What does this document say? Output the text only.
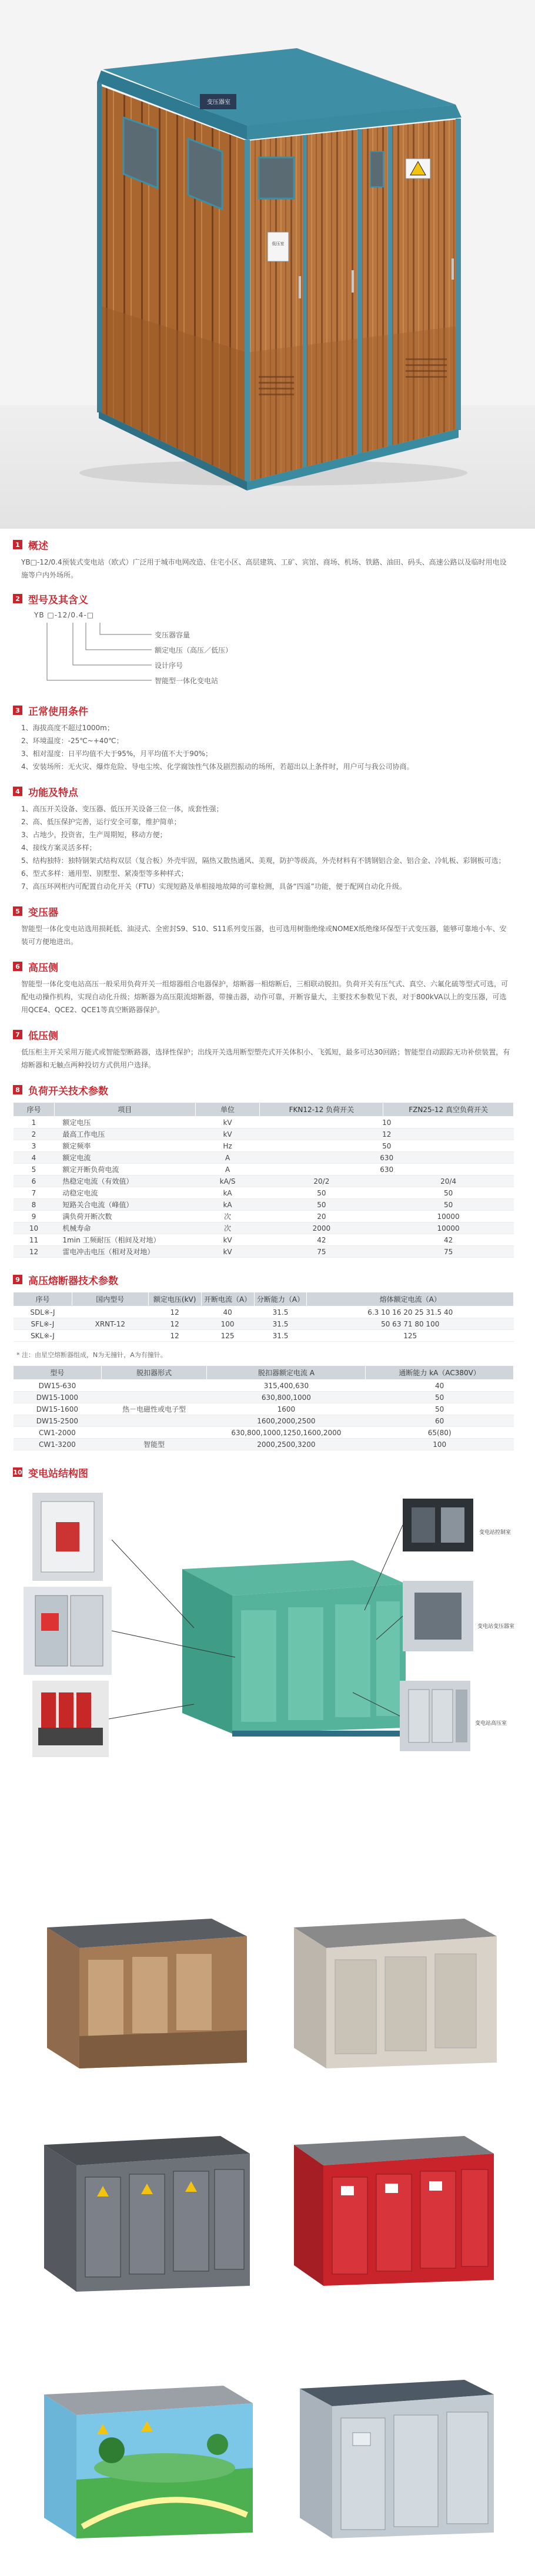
变压器室
低压室
1 概述

YB□-12/0.4预装式变电站（欧式）广泛用于城市电网改造、住宅小区、高层建筑、工矿、宾馆、商场、机场、铁路、油田、码头、高速公路以及临时用电设施等户内外场所。

2 型号及其含义
YB □-12/0.4-□
变压器容量
额定电压（高压／低压）
设计序号
智能型一体化变电站
3 正常使用条件

1、海拔高度不超过1000m；

2、环境温度：-25℃~+40℃；

3、相对湿度：日平均值不大于95%，月平均值不大于90%；

4、安装场所：无火灾、爆炸危险、导电尘埃、化学腐蚀性气体及剧烈振动的场所，若超出以上条件时，用户可与我公司协商。

4 功能及特点

1、高压开关设备、变压器、低压开关设备三位一体，成套性强；

2、高、低压保护完善，运行安全可靠，维护简单；

3、占地少，投资省，生产周期短，移动方便；

4、接线方案灵活多样；

5、结构独特：独特钢架式结构双层（复合板）外壳牢固，隔热又散热通风、美观，防护等级高，外壳材料有不锈钢铝合金、铝合金、冷轧板、彩钢板可选；

6、型式多样：通用型、别墅型、紧凑型等多种样式；

7、高压环网柜内可配置自动化开关（FTU）实现短路及单相接地故障的可靠检测，具备“四遥”功能，便于配网自动化升级。

5 变压器

智能型一体化变电站选用损耗低、油浸式、全密封S9、S10、S11系列变压器，也可选用树脂绝缘或NOMEX纸绝缘环保型干式变压器，能够可靠地小车、安装可方便地进出。

6 高压侧

智能型一体化变电站高压一般采用负荷开关一组熔器组合电器保护，熔断器一相熔断后，三相联动脱扣。负荷开关有压气式、真空、六氟化硫等型式可选，可配电动操作机构，实现自动化升级；熔断器为高压限流熔断器，带撞击器，动作可靠，开断容量大，主要技术参数见下表，对于800kVA以上的变压器，可选用QCE4、QCE2、QCE1等真空断路器保护。

7 低压侧

低压柜主开关采用万能式或智能型断路器，选择性保护；出线开关选用断型塑壳式开关体积小、飞弧短，最多可达30回路；智能型自动跟踪无功补偿装置，有熔断器和无触点两种投切方式供用户选择。

8 负荷开关技术参数
序号	项目	单位	FKN12-12 负荷开关	FZN25-12 真空负荷开关
1	额定电压	kV	10	
2	最高工作电压	kV	12	
3	额定频率	Hz	50	
4	额定电流	A	630	
5	额定开断负荷电流	A	630	
6	热稳定电流（有效值）	kA/S	20/2	20/4
7	动稳定电流	kA	50	50
8	短路关合电流（峰值）	kA	50	50
9	满负荷开断次数	次	20	10000
10	机械寿命	次	2000	10000
11	1min 工频耐压（相间及对地）	kV	42	42
12	雷电冲击电压（相对及对地）	kV	75	75
9 高压熔断器技术参数
序号	国内型号	额定电压(kV)	开断电流（A）	分断能力（A）	熔体额定电流（A）
SDL※-J		12	40	31.5	6.3 10 16 20 25 31.5 40
SFL※-J	XRNT-12	12	100	31.5	50 63 71 80 100
SKL※-J		12	125	31.5	125
* 注：由星空熔断器组成，N为无撞针，A为有撞针。
型号	脱扣器形式	脱扣器额定电流 A	通断能力 kA（AC380V）
DW15-630		315,400,630	40
DW15-1000		630,800,1000	50
DW15-1600	热－电磁性或电子型	1600	50
DW15-2500		1600,2000,2500	60
CW1-2000		630,800,1000,1250,1600,2000	65(80)
CW1-3200	智能型	2000,2500,3200	100
10 变电站结构图
变电站控制室
变电站变压器室
变电站高压室
